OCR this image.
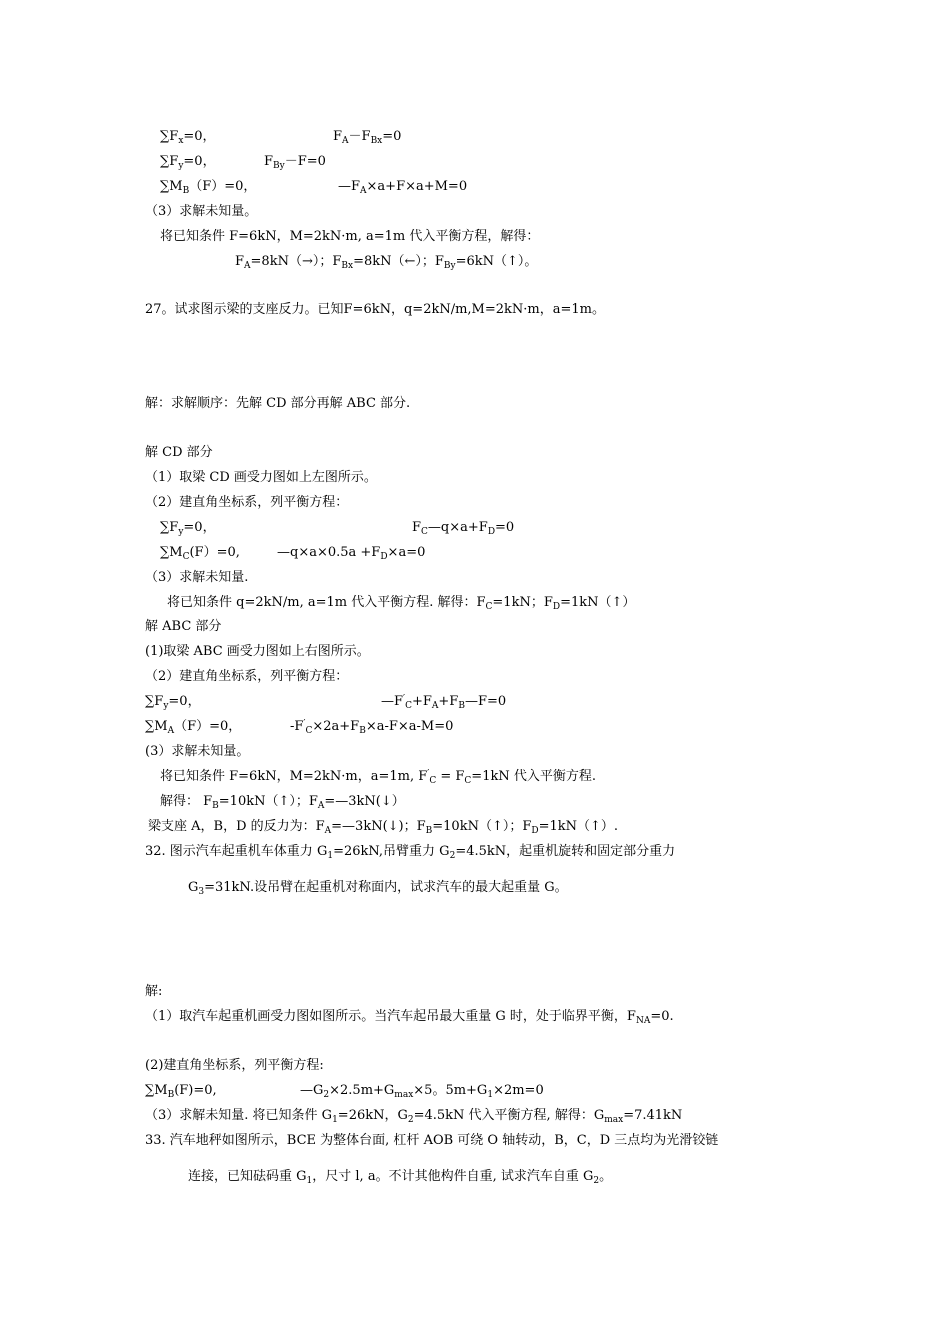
$\sum F_x=0$，	$F_A-F_{Bx}=0$
$\sum F_y=0$，	$F_{By}-F=0$
$\sum M_B(F)=0$，	$—F_A\times a+F\times a+M=0$
（3）求解未知量。
将已知条件 F=6kN，M=2kN·m, a=1m 代入平衡方程，解得：
$F_A=8kN(\to)$；$F_{Bx}=8kN(\leftarrow)$；$F_{By}=6kN(↑)$。
27。试求图示梁的支座反力。已知F=6kN，q=2kN/m,M=2kN·m，a=1m。
解：求解顺序：先解 CD 部分再解 ABC 部分.
解 CD 部分
（1）取梁 CD 画受力图如上左图所示。
（2）建直角坐标系，列平衡方程：
$\sum F_y=0$，	$F_C—q\times a+F_D=0$
$\sum M_C(F)=0$,	—q×a×0.5a $+F_D\times a=0$
（3）求解未知量.
将已知条件 q=2kN/m, a=1m 代入平衡方程. 解得：$F_C=1kN$；$F_D=1kN(↑)$
解 ABC 部分
(1)取梁 ABC 画受力图如上右图所示。
（2）建直角坐标系，列平衡方程：
$\sum F_y=0$，	$—F'_C+F_A+F_B—F=0$
$\sum M_A(F)=0$，	$-F'_C\times 2a+F_B\times a-F\times a-M=0$
(3）求解未知量。
将已知条件 F=6kN，M=2kN·m，a=1m, $F'_C = F_C=1kN$ 代入平衡方程.
解得： $F_B=10kN(↑)$；$F_A=—3kN(↓)$
梁支座 A，B，D 的反力为：$F_A=—3kN(↓)$；$F_B=10kN(↑)$；$F_D=1kN(↑)$.
32. 图示汽车起重机车体重力 $G_1=26kN$,吊臂重力 $G_2=4.5kN$，起重机旋转和固定部分重力
$G_3=31kN$.设吊臂在起重机对称面内，试求汽车的最大起重量 G。
解:
（1）取汽车起重机画受力图如图所示。当汽车起吊最大重量 G 时，处于临界平衡，$F_{NA}=0$.
(2)建直角坐标系，列平衡方程:
$\sum M_B(F)=0$,	$—G_2\times 2.5m+G_{max}\times 5$。$5m+G_1\times 2m=0$
（3）求解未知量. 将已知条件 $G_1=26kN$，$G_2=4.5kN$ 代入平衡方程, 解得：$G_{max}=7.41kN$
33. 汽车地秤如图所示，BCE 为整体台面, 杠杆 AOB 可绕 O 轴转动，B，C，D 三点均为光滑铰链
连接，已知砝码重 $G_1$，尺寸 l, a。不计其他构件自重, 试求汽车自重 $G_2$。
